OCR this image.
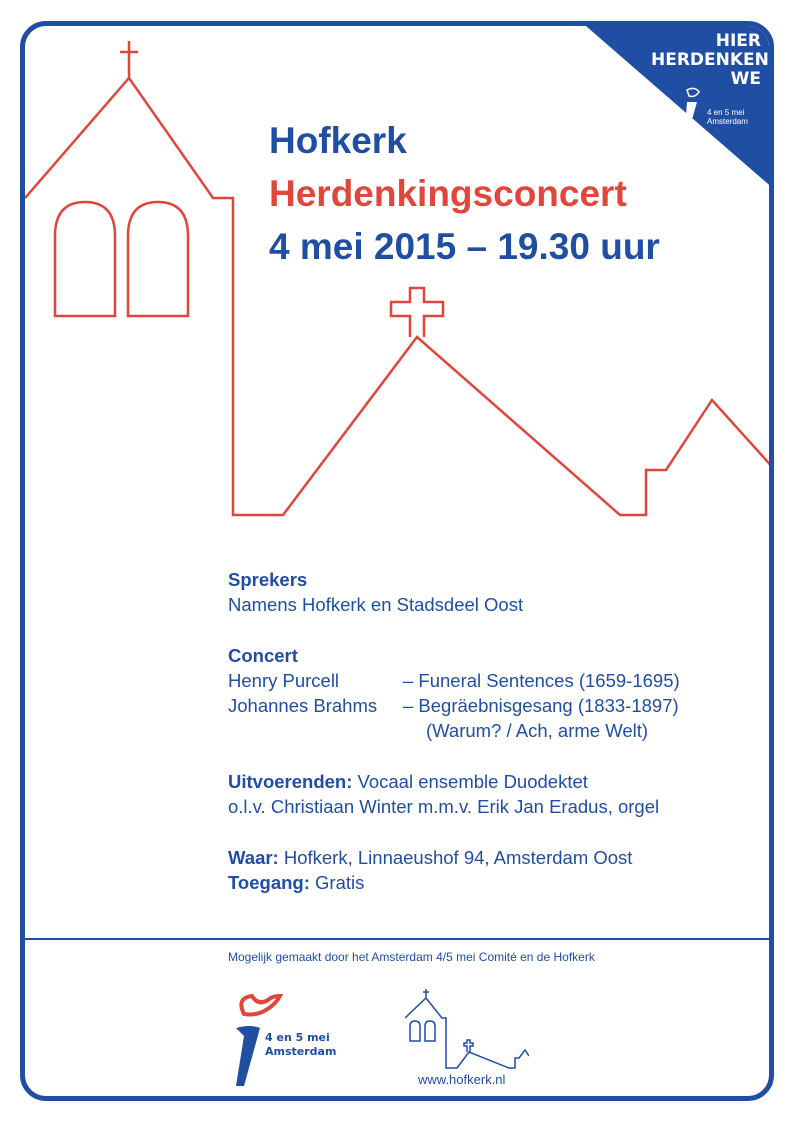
HIER
HERDENKEN
WE
4 en 5 mei
Amsterdam
Hofkerk
Herdenkingsconcert
4 mei 2015 – 19.30 uur
Sprekers
Namens Hofkerk en Stadsdeel Oost
Concert
Henry Purcell	– Funeral Sentences (1659-1695)
Johannes Brahms – Begräebnisgesang (1833-1897)
(Warum? / Ach, arme Welt)
Uitvoerenden: Vocaal ensemble Duodektet
o.l.v. Christiaan Winter m.m.v. Erik Jan Eradus, orgel
Waar: Hofkerk, Linnaeushof 94, Amsterdam Oost
Toegang: Gratis
Mogelijk gemaakt door het Amsterdam 4/5 mei Comité en de Hofkerk
4 en 5 mei
Amsterdam
www.hofkerk.nl
